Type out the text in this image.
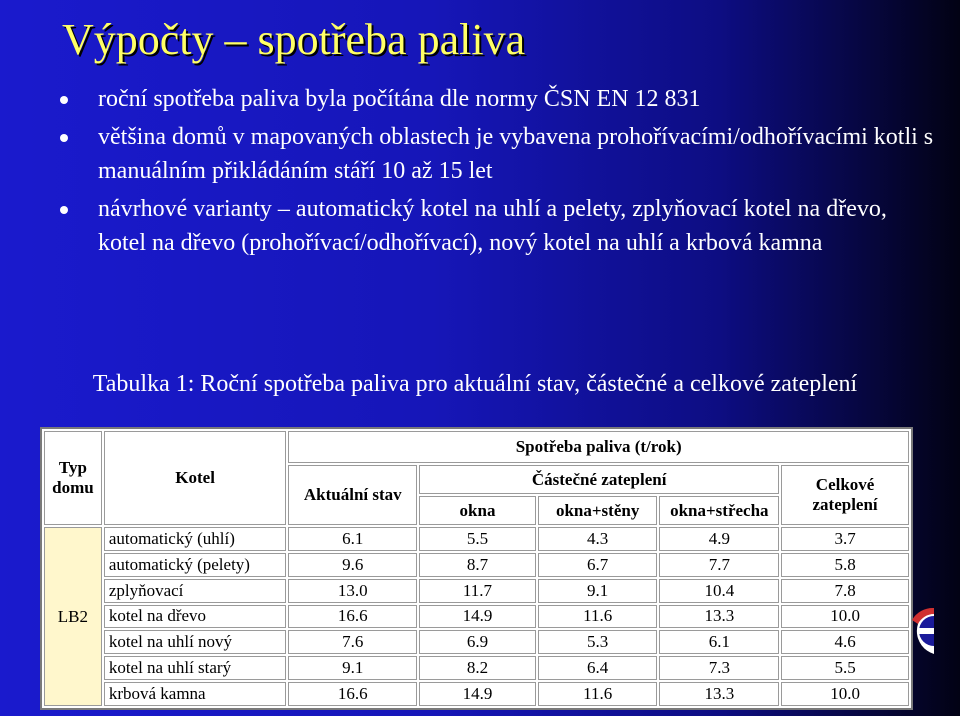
Výpočty – spotřeba paliva
roční spotřeba paliva byla počítána dle normy ČSN EN 12 831
většina domů v mapovaných oblastech je vybavena prohořívacími/odhořívacími kotli s manuálním přikládáním stáří 10 až 15 let
návrhové varianty – automatický kotel na uhlí a pelety, zplyňovací kotel na dřevo, kotel na dřevo (prohořívací/odhořívací), nový kotel na uhlí a krbová kamna
Tabulka 1: Roční spotřeba paliva pro aktuální stav, částečné a celkové zateplení
Typ domu	Kotel	Spotřeba paliva (t/rok)				
		Aktuální stav	Částečné zateplení			Celkové zateplení
			okna	okna+stěny	okna+střecha	
LB2	automatický (uhlí)	6.1	5.5	4.3	4.9	3.7
	automatický (pelety)	9.6	8.7	6.7	7.7	5.8
	zplyňovací	13.0	11.7	9.1	10.4	7.8
	kotel na dřevo	16.6	14.9	11.6	13.3	10.0
	kotel na uhlí nový	7.6	6.9	5.3	6.1	4.6
	kotel na uhlí starý	9.1	8.2	6.4	7.3	5.5
	krbová kamna	16.6	14.9	11.6	13.3	10.0
